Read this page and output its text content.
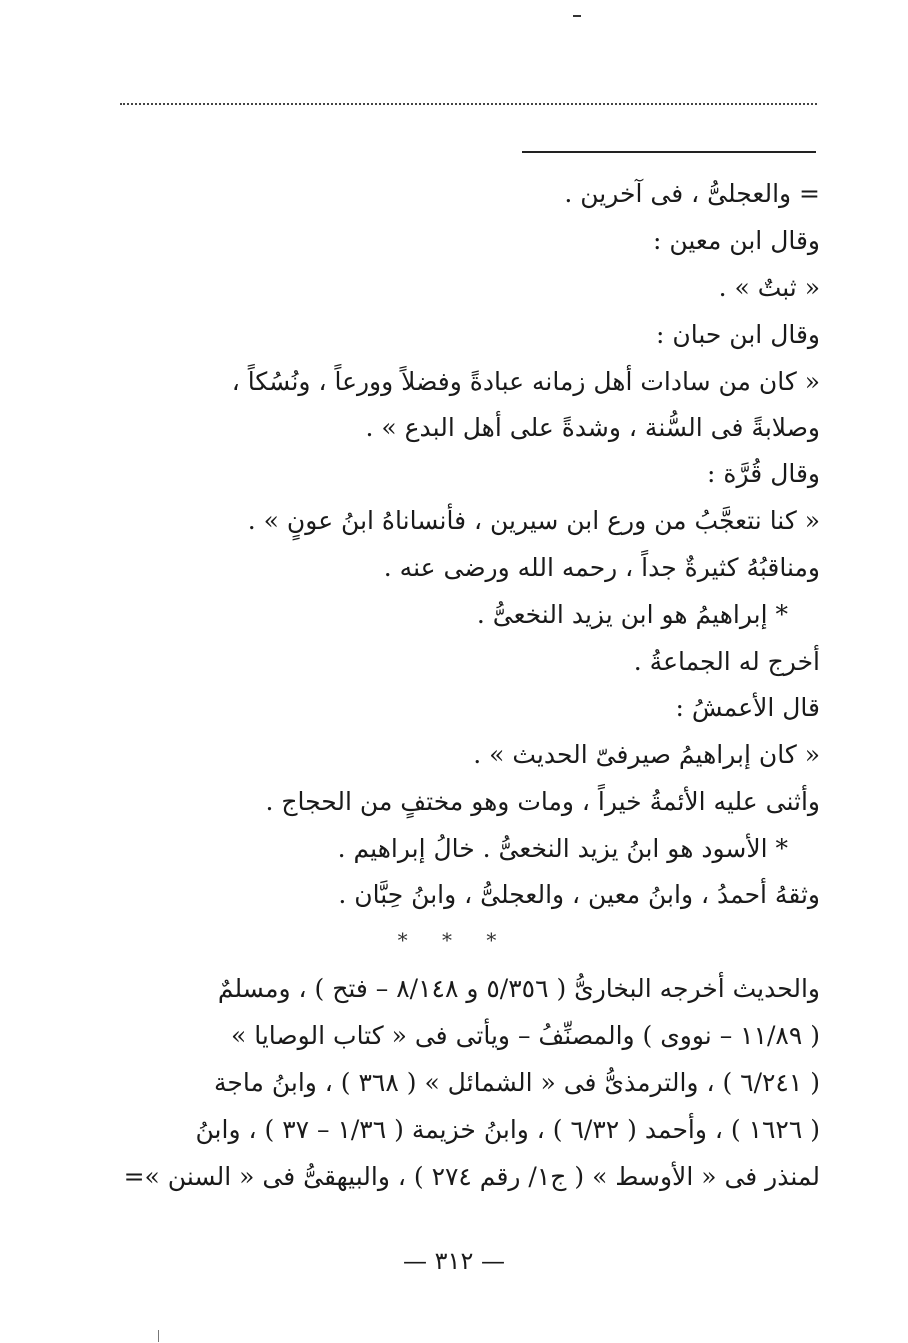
= والعجلىُّ ، فى آخرين .
وقال ابن معين :
« ثبتٌ » .
وقال ابن حبان :
« كان من سادات أهل زمانه عبادةً وفضلاً وورعاً ، ونُسُكاً ،
وصلابةً فى السُّنة ، وشدةً على أهل البدع » .
وقال قُرَّة :
« كنا نتعجَّبُ من ورع ابن سيرين ، فأنساناهُ ابنُ عونٍ » .
ومناقبُهُ كثيرةٌ جداً ، رحمه الله ورضى عنه .
* إبراهيمُ هو ابن يزيد النخعىُّ .
أخرج له الجماعةُ .
قال الأعمشُ :
« كان إبراهيمُ صيرفىّ الحديث » .
وأثنى عليه الأئمةُ خيراً ، ومات وهو مختفٍ من الحجاج .
* الأسود هو ابنُ يزيد النخعىُّ . خالُ إبراهيم .
وثقهُ أحمدُ ، وابنُ معين ، والعجلىُّ ، وابنُ حِبَّان .
* * *
والحديث أخرجه البخارىُّ ( ٥/٣٥٦ و ٨/١٤٨ – فتح ) ، ومسلمٌ
( ١١/٨٩ – نووى ) والمصنِّفُ – ويأتى فى « كتاب الوصايا »
( ٦/٢٤١ ) ، والترمذىُّ فى « الشمائل » ( ٣٦٨ ) ، وابنُ ماجة
( ١٦٢٦ ) ، وأحمد ( ٦/٣٢ ) ، وابنُ خزيمة ( ١/٣٦ – ٣٧ ) ، وابنُ
لمنذر فى « الأوسط » ( ج١/ رقم ٢٧٤ ) ، والبيهقىُّ فى « السنن »=
— ٣١٢ —
